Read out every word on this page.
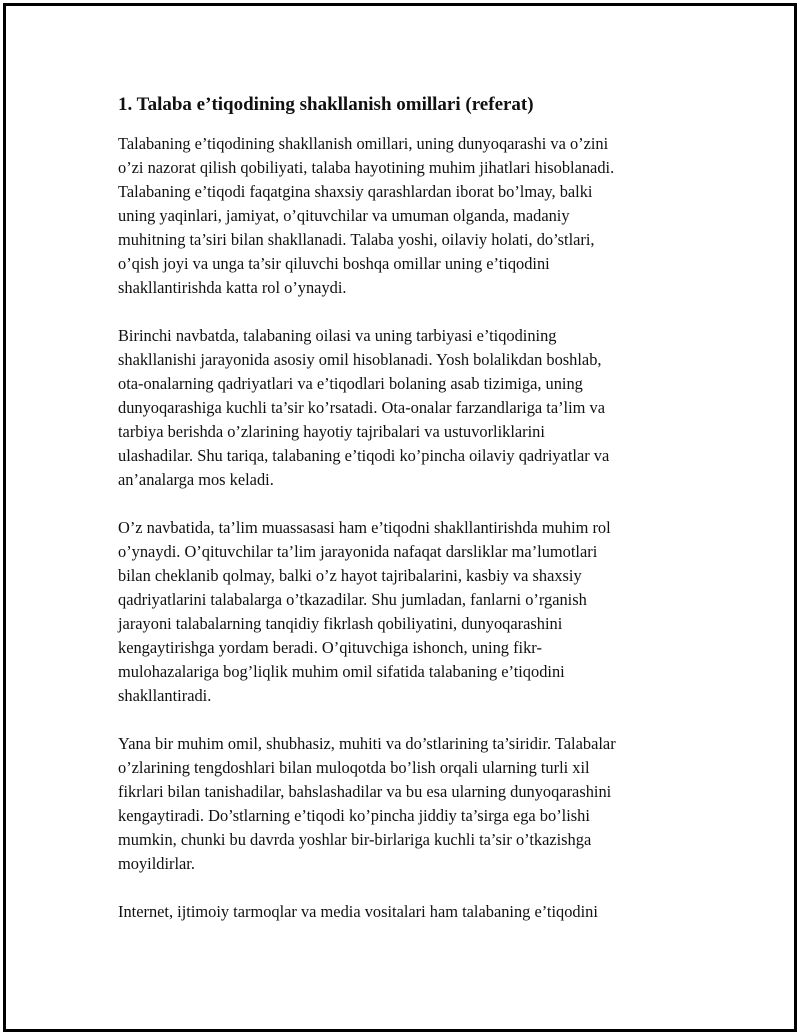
1. Talaba e’tiqodining shakllanish omillari (referat)

Talabaning e’tiqodining shakllanish omillari, uning dunyoqarashi va o’zini
o’zi nazorat qilish qobiliyati, talaba hayotining muhim jihatlari hisoblanadi.
Talabaning e’tiqodi faqatgina shaxsiy qarashlardan iborat bo’lmay, balki
uning yaqinlari, jamiyat, o’qituvchilar va umuman olganda, madaniy
muhitning ta’siri bilan shakllanadi. Talaba yoshi, oilaviy holati, do’stlari,
o’qish joyi va unga ta’sir qiluvchi boshqa omillar uning e’tiqodini
shakllantirishda katta rol o’ynaydi.

Birinchi navbatda, talabaning oilasi va uning tarbiyasi e’tiqodining
shakllanishi jarayonida asosiy omil hisoblanadi. Yosh bolalikdan boshlab,
ota-onalarning qadriyatlari va e’tiqodlari bolaning asab tizimiga, uning
dunyoqarashiga kuchli ta’sir ko’rsatadi. Ota-onalar farzandlariga ta’lim va
tarbiya berishda o’zlarining hayotiy tajribalari va ustuvorliklarini
ulashadilar. Shu tariqa, talabaning e’tiqodi ko’pincha oilaviy qadriyatlar va
an’analarga mos keladi.

O’z navbatida, ta’lim muassasasi ham e’tiqodni shakllantirishda muhim rol
o’ynaydi. O’qituvchilar ta’lim jarayonida nafaqat darsliklar ma’lumotlari
bilan cheklanib qolmay, balki o’z hayot tajribalarini, kasbiy va shaxsiy
qadriyatlarini talabalarga o’tkazadilar. Shu jumladan, fanlarni o’rganish
jarayoni talabalarning tanqidiy fikrlash qobiliyatini, dunyoqarashini
kengaytirishga yordam beradi. O’qituvchiga ishonch, uning fikr-
mulohazalariga bog’liqlik muhim omil sifatida talabaning e’tiqodini
shakllantiradi.

Yana bir muhim omil, shubhasiz, muhiti va do’stlarining ta’siridir. Talabalar
o’zlarining tengdoshlari bilan muloqotda bo’lish orqali ularning turli xil
fikrlari bilan tanishadilar, bahslashadilar va bu esa ularning dunyoqarashini
kengaytiradi. Do’stlarning e’tiqodi ko’pincha jiddiy ta’sirga ega bo’lishi
mumkin, chunki bu davrda yoshlar bir-birlariga kuchli ta’sir o’tkazishga
moyildirlar.

Internet, ijtimoiy tarmoqlar va media vositalari ham talabaning e’tiqodini
